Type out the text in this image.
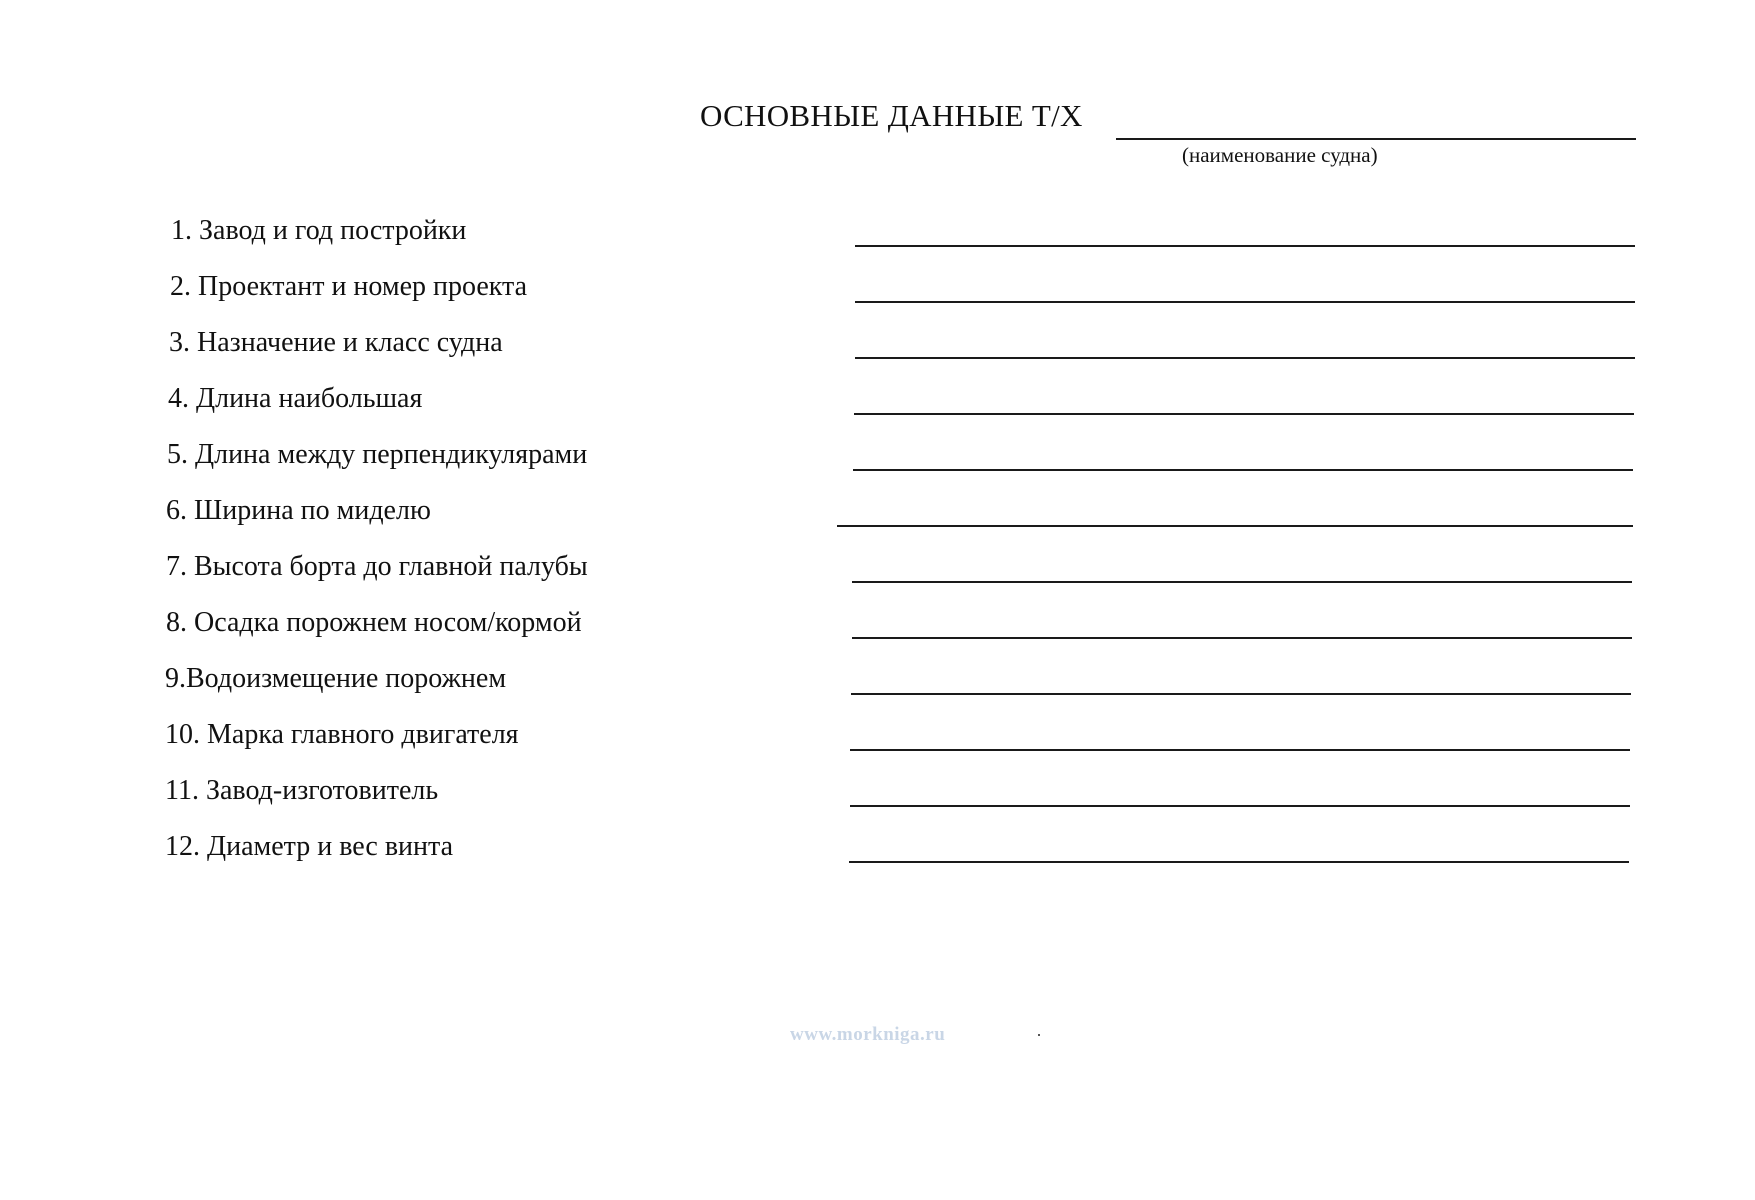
ОСНОВНЫЕ ДАННЫЕ Т/Х
(наименование судна)
1. Завод и год постройки
2. Проектант и номер проекта
3. Назначение и класс судна
4. Длина наибольшая
5. Длина между перпендикулярами
6. Ширина по миделю
7. Высота борта до главной палубы
8. Осадка порожнем носом/кормой
9.Водоизмещение порожнем
10. Марка главного двигателя
11. Завод-изготовитель
12. Диаметр и вес винта
www.morkniga.ru
